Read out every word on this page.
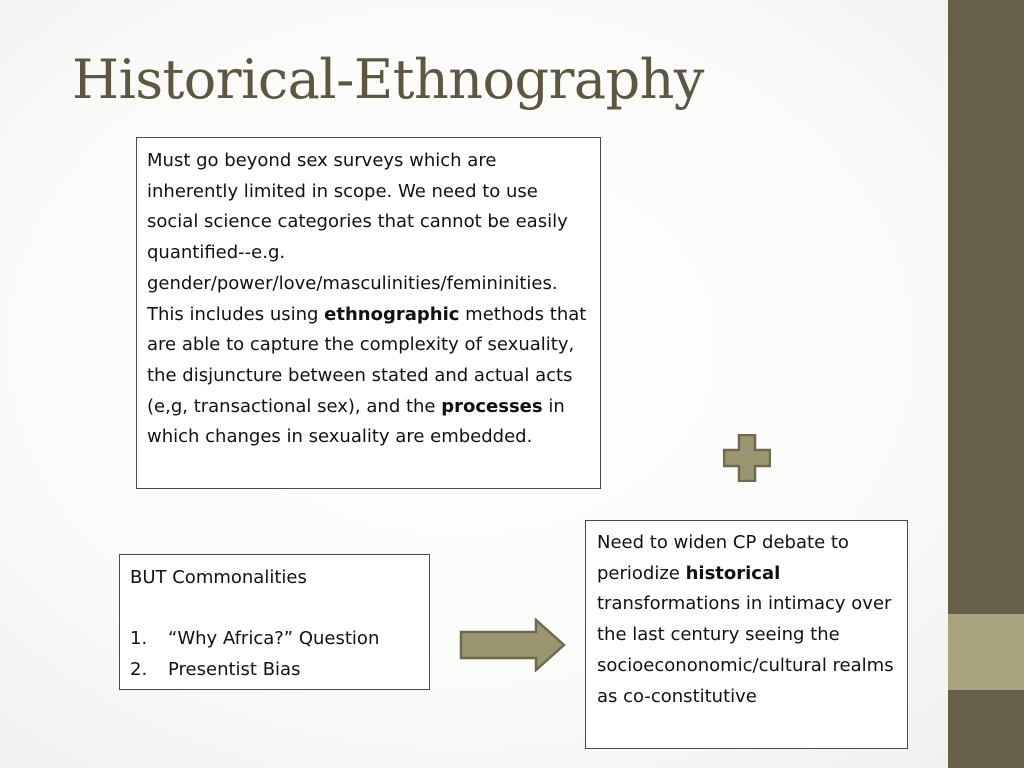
Historical-Ethnography

Must go beyond sex surveys which are inherently limited in scope. We need to use social science categories that cannot be easily quantified--e.g. gender/power/love/masculinities/femininities. This includes using ethnographic methods that are able to capture the complexity of sexuality, the disjuncture between stated and actual acts (e,g, transactional sex), and the processes in which changes in sexuality are embedded.

BUT Commonalities
1.	“Why Africa?” Question
2.	Presentist Bias

Need to widen CP debate to periodize historical transformations in intimacy over the last century seeing the socioecononomic/cultural realms as co-constitutive
